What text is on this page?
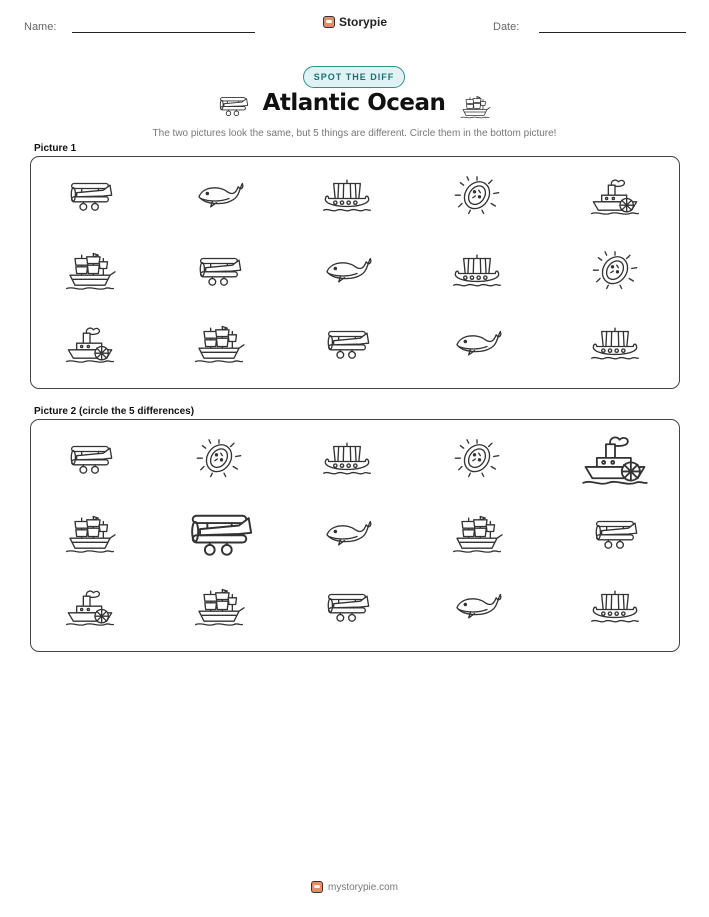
Name:	Storypie	Date:
SPOT THE DIFF
Atlantic Ocean
The two pictures look the same, but 5 things are different. Circle them in the bottom picture!
Picture 1
Picture 2 (circle the 5 differences)
mystorypie.com
